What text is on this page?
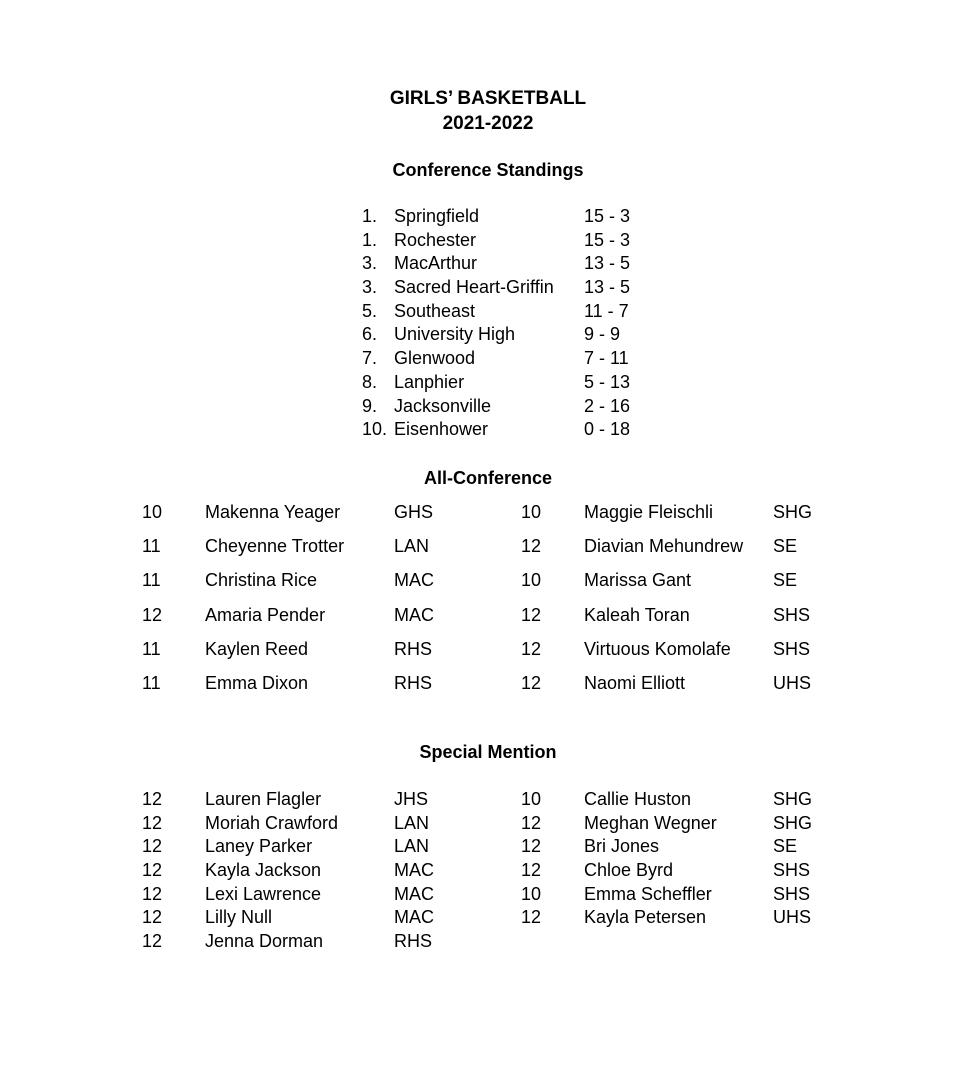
GIRLS’ BASKETBALL
2021-2022
Conference Standings
1. Springfield	15 - 3
1. Rochester	15 - 3
3. MacArthur	13 - 5
3. Sacred Heart-Griffin 13 - 5
5. Southeast	11 - 7
6. University High	9 - 9
7. Glenwood	7 - 11
8. Lanphier	5 - 13
9. Jacksonville	2 - 16
10. Eisenhower	0 - 18
All-Conference
10 Makenna Yeager	GHS	10 Maggie Fleischli	SHG
11 Cheyenne Trotter	LAN	12 Diavian Mehundrew SE
11 Christina Rice	MAC	10 Marissa Gant	SE
12 Amaria Pender	MAC	12 Kaleah Toran	SHS
11 Kaylen Reed	RHS	12 Virtuous Komolafe SHS
11 Emma Dixon	RHS	12 Naomi Elliott	UHS
Special Mention
12 Lauren Flagler	JHS	10 Callie Huston	SHG
12 Moriah Crawford	LAN	12 Meghan Wegner	SHG
12 Laney Parker	LAN	12 Bri Jones	SE
12 Kayla Jackson	MAC	12 Chloe Byrd	SHS
12 Lexi Lawrence	MAC	10 Emma Scheffler	SHS
12 Lilly Null	MAC	12 Kayla Petersen	UHS
12 Jenna Dorman	RHS
